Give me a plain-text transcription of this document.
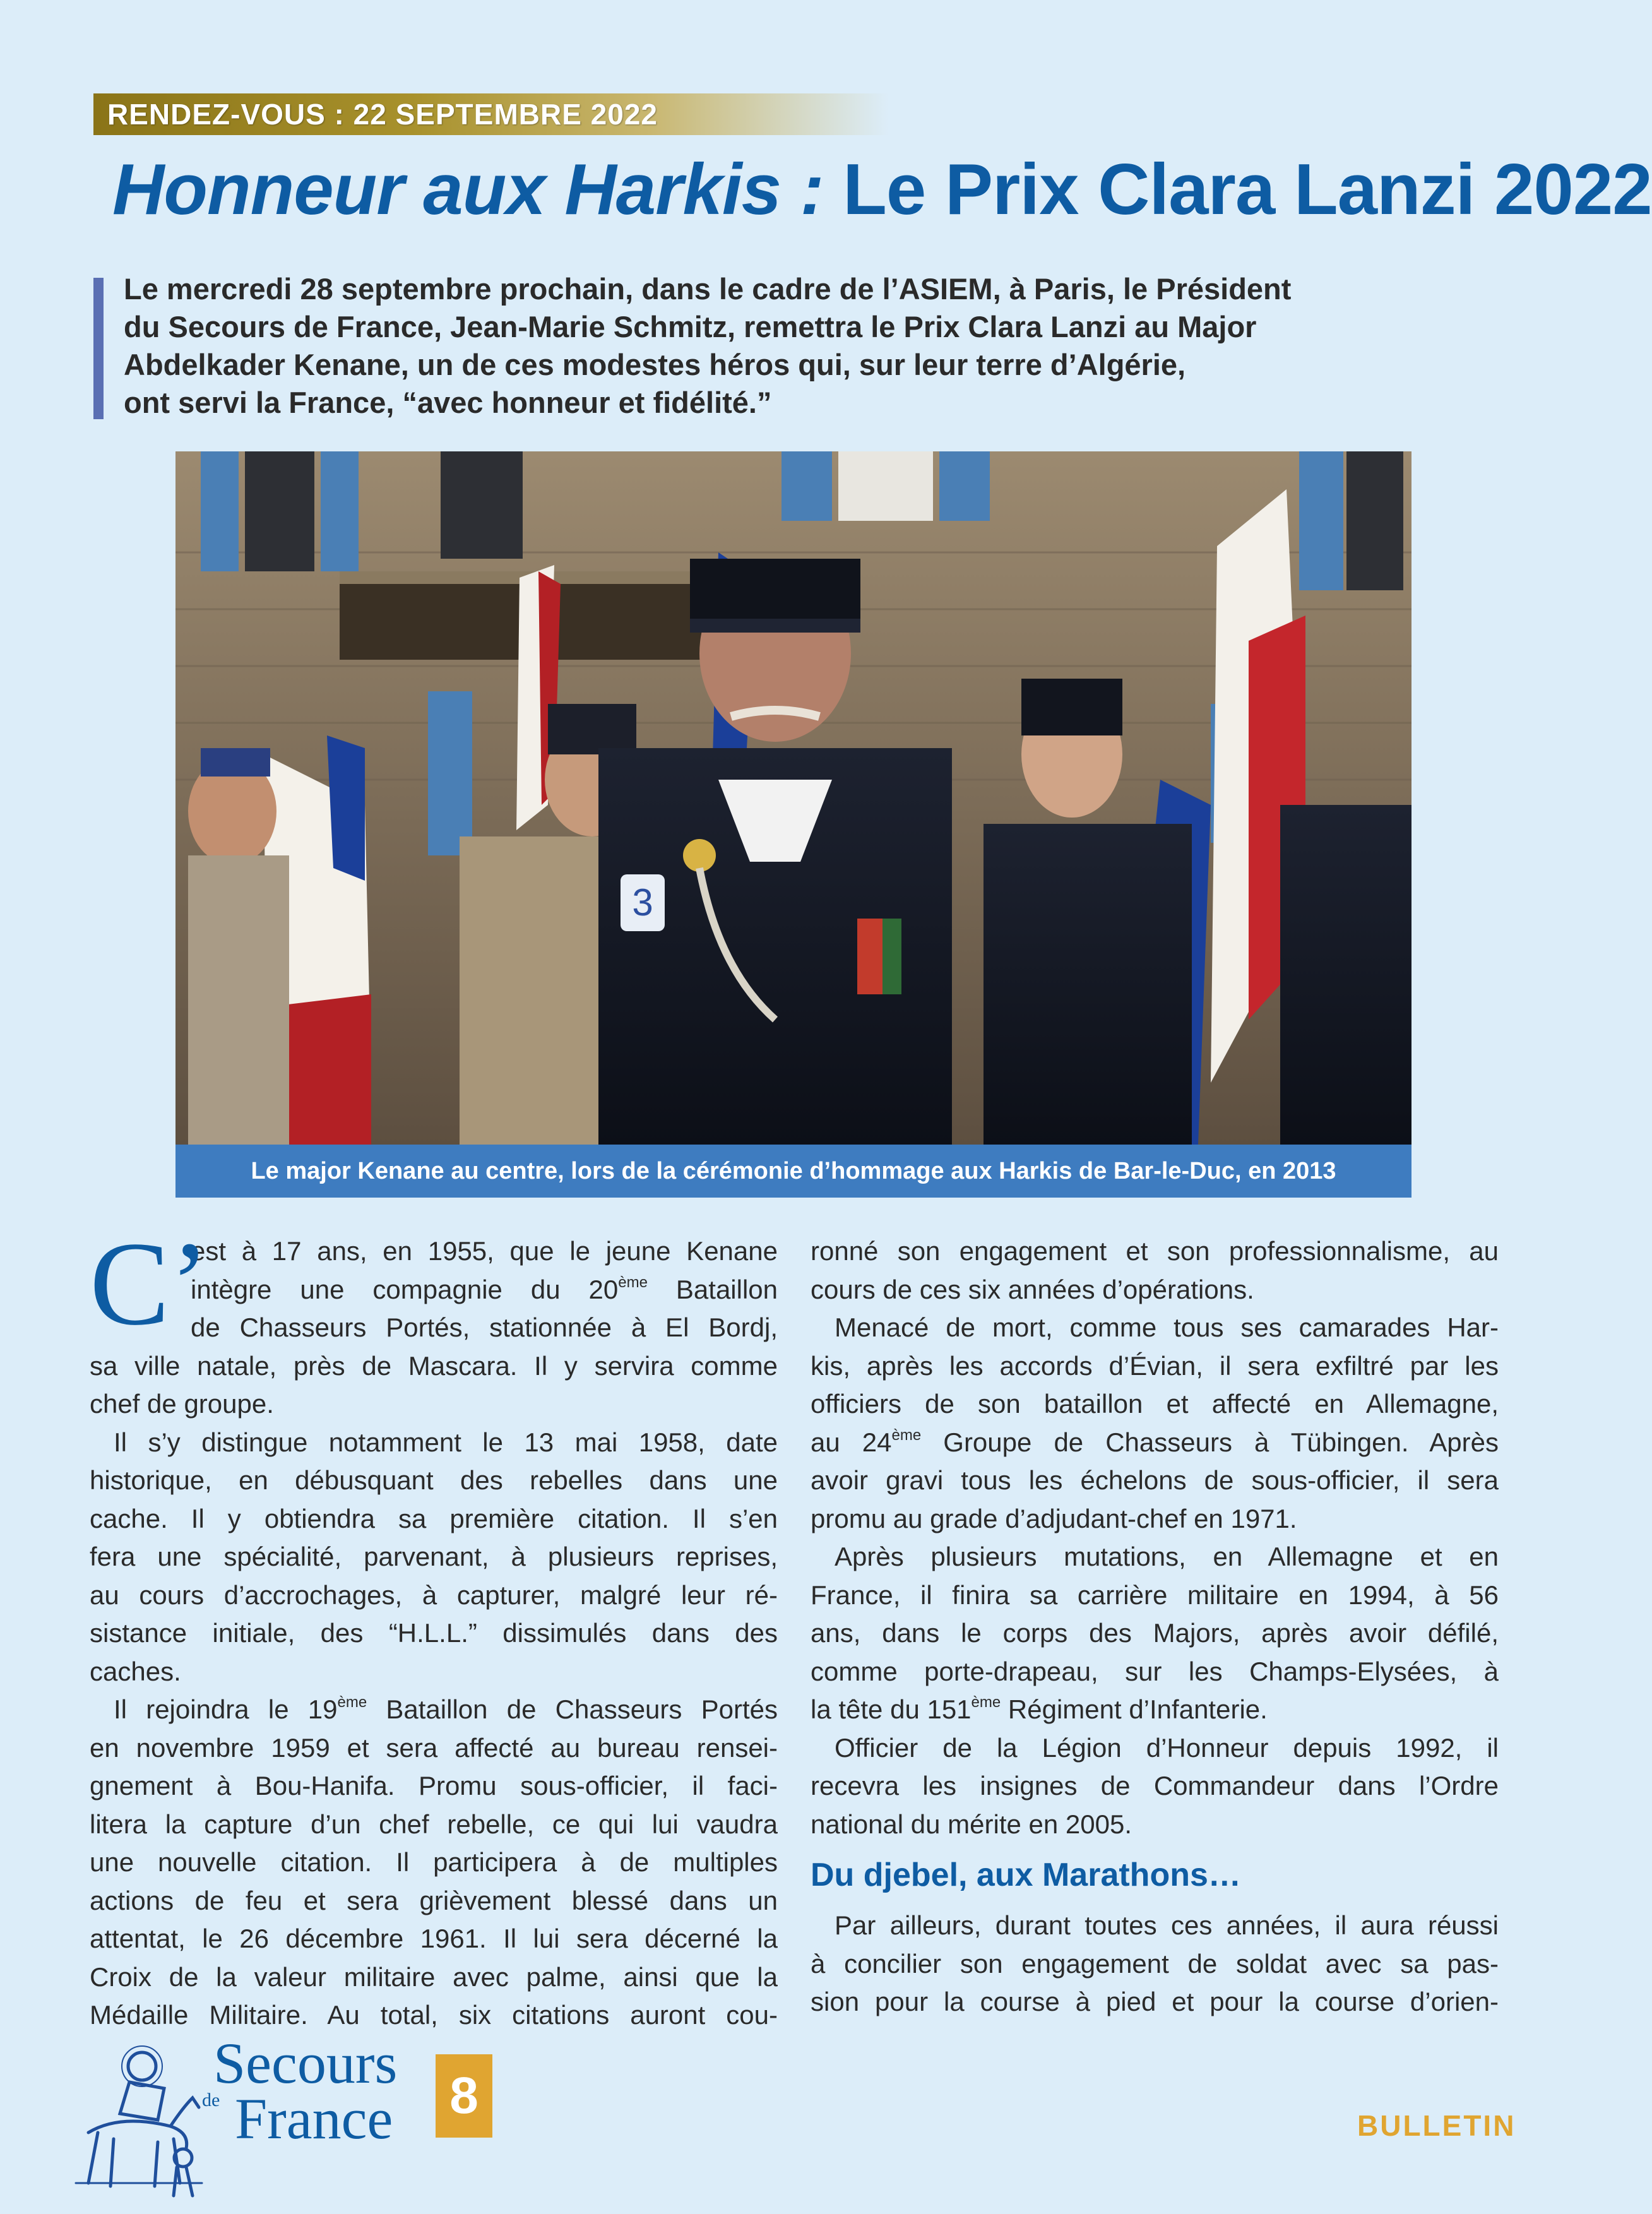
RENDEZ-VOUS : 22 SEPTEMBRE 2022
Honneur aux Harkis : Le Prix Clara Lanzi 2022
Le mercredi 28 septembre prochain, dans le cadre de l’ASIEM, à Paris, le Président
du Secours de France, Jean-Marie Schmitz, remettra le Prix Clara Lanzi au Major
Abdelkader Kenane, un de ces modestes héros qui, sur leur terre d’Algérie,
ont servi la France, “avec honneur et fidélité.”
3
Le major Kenane au centre, lors de la cérémonie d’hommage aux Harkis de Bar-le-Duc, en 2013
C’
est à 17 ans, en 1955, que le jeune Kenane
intègre une compagnie du 20ème Bataillon
de Chasseurs Portés, stationnée à El Bordj,
sa ville natale, près de Mascara. Il y servira comme
chef de groupe.
Il s’y distingue notamment le 13 mai 1958, date
historique, en débusquant des rebelles dans une
cache. Il y obtiendra sa première citation. Il s’en
fera une spécialité, parvenant, à plusieurs reprises,
au cours d’accrochages, à capturer, malgré leur ré-
sistance initiale, des “H.L.L.” dissimulés dans des
caches.
Il rejoindra le 19ème Bataillon de Chasseurs Portés
en novembre 1959 et sera affecté au bureau rensei-
gnement à Bou-Hanifa. Promu sous-officier, il faci-
litera la capture d’un chef rebelle, ce qui lui vaudra
une nouvelle citation. Il participera à de multiples
actions de feu et sera grièvement blessé dans un
attentat, le 26 décembre 1961. Il lui sera décerné la
Croix de la valeur militaire avec palme, ainsi que la
Médaille Militaire. Au total, six citations auront cou-
ronné son engagement et son professionnalisme, au
cours de ces six années d’opérations.
Menacé de mort, comme tous ses camarades Har-
kis, après les accords d’Évian, il sera exfiltré par les
officiers de son bataillon et affecté en Allemagne,
au 24ème Groupe de Chasseurs à Tübingen. Après
avoir gravi tous les échelons de sous-officier, il sera
promu au grade d’adjudant-chef en 1971.
Après plusieurs mutations, en Allemagne et en
France, il finira sa carrière militaire en 1994, à 56
ans, dans le corps des Majors, après avoir défilé,
comme porte-drapeau, sur les Champs-Elysées, à
la tête du 151ème Régiment d’Infanterie.
Officier de la Légion d’Honneur depuis 1992, il
recevra les insignes de Commandeur dans l’Ordre
national du mérite en 2005.
Du djebel, aux Marathons…
Par ailleurs, durant toutes ces années, il aura réussi
à concilier son engagement de soldat avec sa pas-
sion pour la course à pied et pour la course d’orien-
Secours
de France 8
BULLETIN
